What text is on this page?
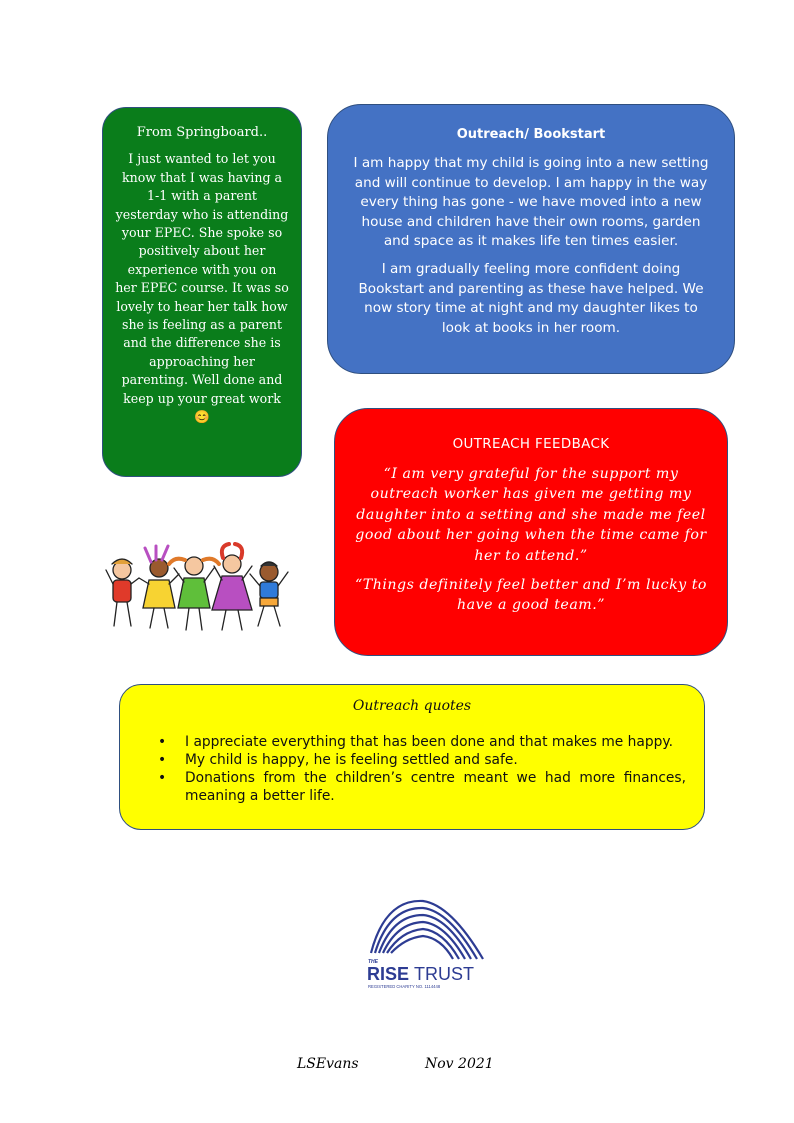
From Springboard..
I just wanted to let you know that I was having a 1-1 with a parent yesterday who is attending your EPEC. She spoke so positively about her experience with you on her EPEC course. It was so lovely to hear her talk how she is feeling as a parent and the difference she is approaching her parenting. Well done and keep up your great work 😊
Outreach/ Bookstart

I am happy that my child is going into a new setting and will continue to develop. I am happy in the way every thing has gone - we have moved into a new house and children have their own rooms, garden and space as it makes life ten times easier.

I am gradually feeling more confident doing Bookstart and parenting as these have helped. We now story time at night and my daughter likes to look at books in her room.

OUTREACH FEEDBACK

“I am very grateful for the support my outreach worker has given me getting my daughter into a setting and she made me feel good about her going when the time came for her to attend.”

“Things definitely feel better and I’m lucky to have a good team.”

Outreach quotes
• I appreciate everything that has been done and that makes me happy.
• My child is happy, he is feeling settled and safe.
• Donations from the children’s centre meant we had more finances, meaning a better life.
THE
RISE TRUST
REGISTERED CHARITY NO. 1114448
LSEvans	Nov 2021
